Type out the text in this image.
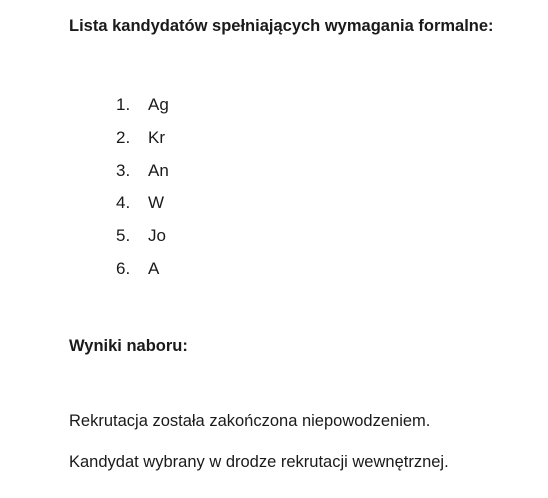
Lista kandydatów spełniających wymagania formalne:
1.	Ag
2.	Kr
3.	An
4.	W
5.	Jo
6.	A
Wyniki naboru:

Rekrutacja została zakończona niepowodzeniem.

Kandydat wybrany w drodze rekrutacji wewnętrznej.
